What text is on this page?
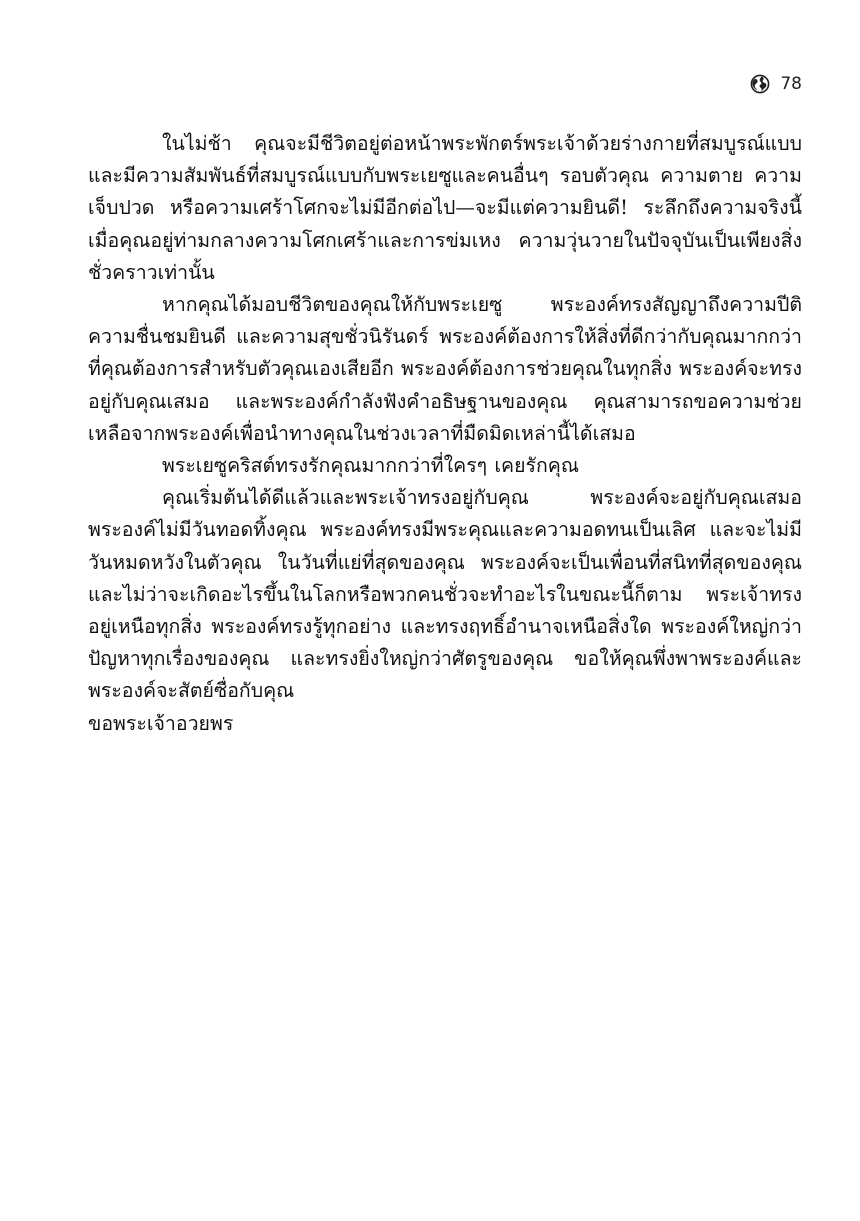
78

ในไม่ช้า คุณจะมีชีวิตอยู่ต่อหน้าพระพักตร์พระเจ้าด้วยร่างกายที่สมบูรณ์แบบ และมีความสัมพันธ์ที่สมบูรณ์แบบกับพระเยซูและคนอื่นๆ รอบตัวคุณ ความตาย ความเจ็บปวด หรือความเศร้าโศกจะไม่มีอีกต่อไป—จะมีแต่ความยินดี! ระลึกถึงความจริงนี้เมื่อคุณอยู่ท่ามกลางความโศกเศร้าและการข่มเหง ความวุ่นวายในปัจจุบันเป็นเพียงสิ่งชั่วคราวเท่านั้น

หากคุณได้มอบชีวิตของคุณให้กับพระเยซู พระองค์ทรงสัญญาถึงความปีติ ความชื่นชมยินดี และความสุขชั่วนิรันดร์ พระองค์ต้องการให้สิ่งที่ดีกว่ากับคุณมากกว่าที่คุณต้องการสำหรับตัวคุณเองเสียอีก พระองค์ต้องการช่วยคุณในทุกสิ่ง พระองค์จะทรงอยู่กับคุณเสมอ และพระองค์กำลังฟังคำอธิษฐานของคุณ คุณสามารถขอความช่วยเหลือจากพระองค์เพื่อนำทางคุณในช่วงเวลาที่มืดมิดเหล่านี้ได้เสมอ

พระเยซูคริสต์ทรงรักคุณมากกว่าที่ใครๆ เคยรักคุณ

คุณเริ่มต้นได้ดีแล้วและพระเจ้าทรงอยู่กับคุณ พระองค์จะอยู่กับคุณเสมอ พระองค์ไม่มีวันทอดทิ้งคุณ พระองค์ทรงมีพระคุณและความอดทนเป็นเลิศ และจะไม่มีวันหมดหวังในตัวคุณ ในวันที่แย่ที่สุดของคุณ พระองค์จะเป็นเพื่อนที่สนิทที่สุดของคุณ และไม่ว่าจะเกิดอะไรขึ้นในโลกหรือพวกคนชั่วจะทำอะไรในขณะนี้ก็ตาม พระเจ้าทรงอยู่เหนือทุกสิ่ง พระองค์ทรงรู้ทุกอย่าง และทรงฤทธิ์อำนาจเหนือสิ่งใด พระองค์ใหญ่กว่าปัญหาทุกเรื่องของคุณ และทรงยิ่งใหญ่กว่าศัตรูของคุณ ขอให้คุณพึ่งพาพระองค์และพระองค์จะสัตย์ซื่อกับคุณ

ขอพระเจ้าอวยพร
